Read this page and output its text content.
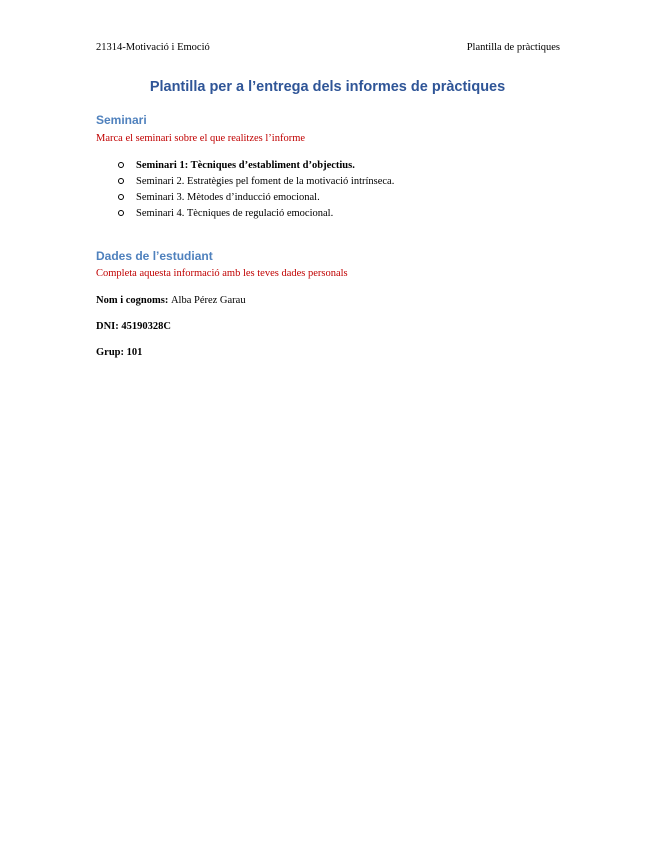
21314-Motivació i Emoció	Plantilla de pràctiques
Plantilla per a l’entrega dels informes de pràctiques
Seminari
Marca el seminari sobre el que realitzes l’informe
Seminari 1: Tècniques d’establiment d’objectius.
Seminari 2. Estratègies pel foment de la motivació intrínseca.
Seminari 3. Mètodes d’inducció emocional.
Seminari 4. Tècniques de regulació emocional.
Dades de l’estudiant
Completa aquesta informació amb les teves dades personals
Nom i cognoms: Alba Pérez Garau
DNI: 45190328C
Grup: 101
